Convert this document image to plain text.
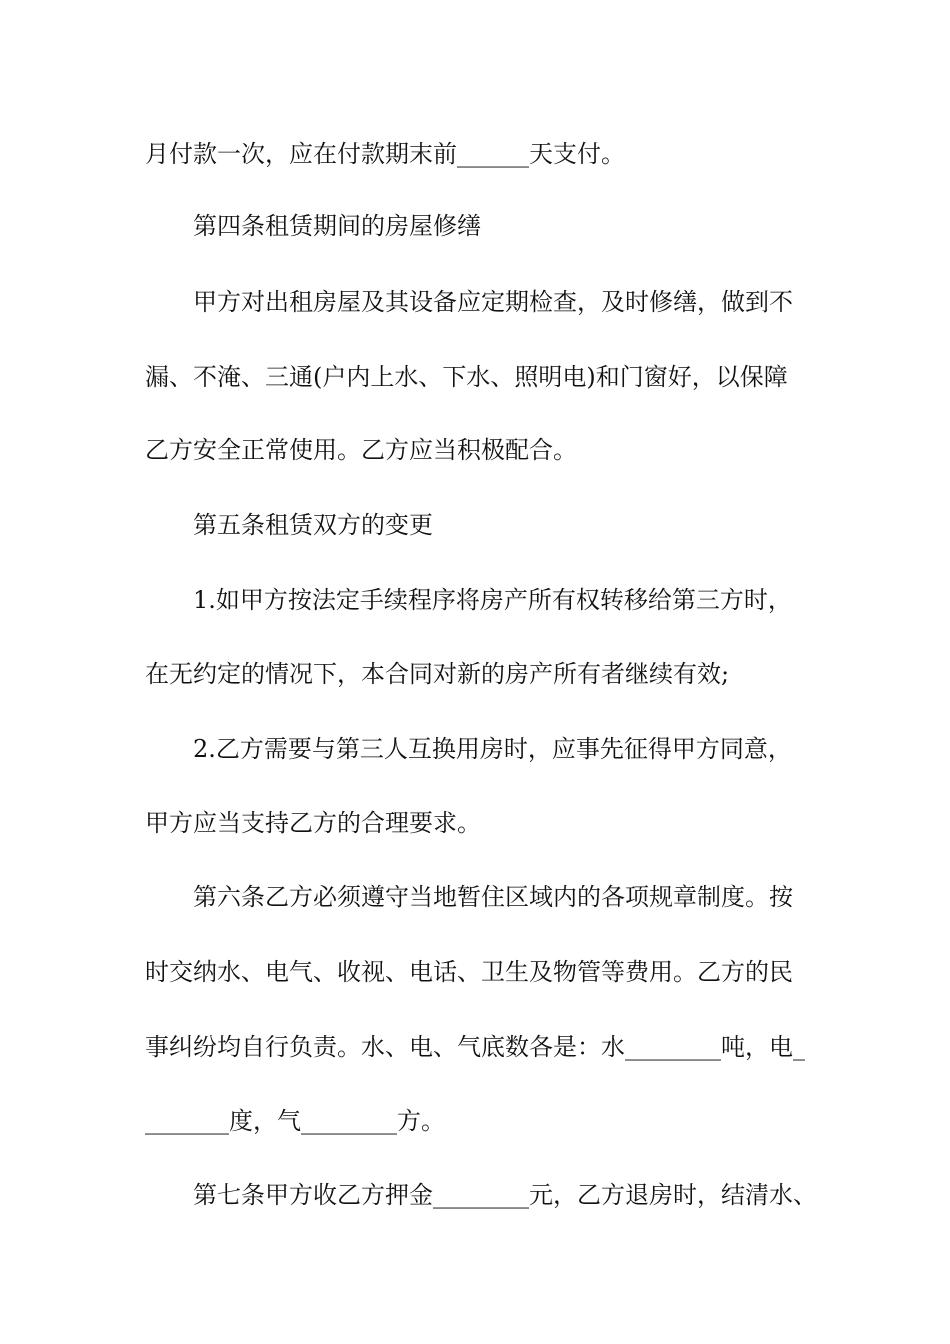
月付款一次，应在付款期末前______天支付。
第四条租赁期间的房屋修缮
甲方对出租房屋及其设备应定期检查，及时修缮，做到不
漏、不淹、三通(户内上水、下水、照明电)和门窗好，以保障
乙方安全正常使用。乙方应当积极配合。
第五条租赁双方的变更
1.如甲方按法定手续程序将房产所有权转移给第三方时，
在无约定的情况下，本合同对新的房产所有者继续有效;
2.乙方需要与第三人互换用房时，应事先征得甲方同意，
甲方应当支持乙方的合理要求。
第六条乙方必须遵守当地暂住区域内的各项规章制度。按
时交纳水、电气、收视、电话、卫生及物管等费用。乙方的民
事纠纷均自行负责。水、电、气底数各是：水________吨，电_
_______度，气________方。
第七条甲方收乙方押金________元，乙方退房时，结清水、
